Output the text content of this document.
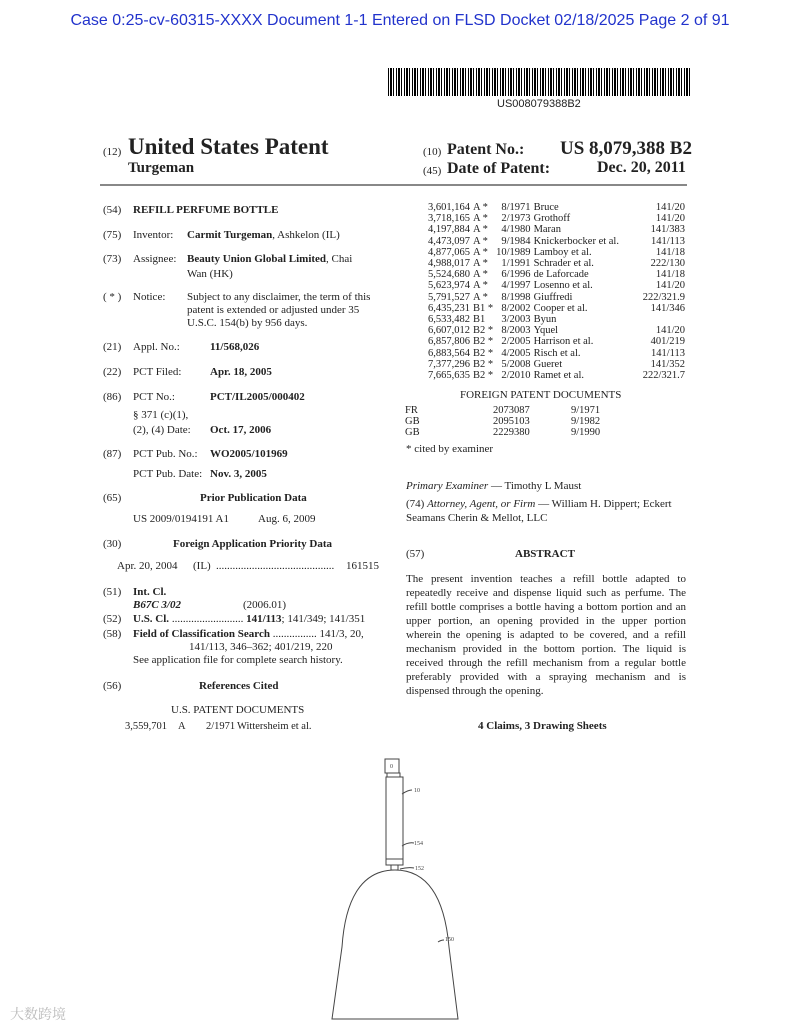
Case 0:25-cv-60315-XXXX Document 1-1 Entered on FLSD Docket 02/18/2025 Page 2 of 91
US008079388B2
(12) United States Patent
Turgeman
(10) Patent No.: US 8,079,388 B2
(45) Date of Patent:	Dec. 20, 2011
(54) REFILL PERFUME BOTTLE
(75) Inventor: Carmit Turgeman, Ashkelon (IL)
(73) Assignee: Beauty Union Global Limited, Chai
Wan (HK)
( * ) Notice: Subject to any disclaimer, the term of this
patent is extended or adjusted under 35
U.S.C. 154(b) by 956 days.
(21) Appl. No.:	11/568,026
(22) PCT Filed:	Apr. 18, 2005
(86) PCT No.:	PCT/IL2005/000402
§ 371 (c)(1),
(2), (4) Date: Oct. 17, 2006
(87) PCT Pub. No.: WO2005/101969
PCT Pub. Date: Nov. 3, 2005
(65)	Prior Publication Data
US 2009/0194191 A1	Aug. 6, 2009
(30)	Foreign Application Priority Data
Apr. 20, 2004 (IL) ........................................... 161515
(51) Int. Cl.
B67C 3/02	(2006.01)
(52) U.S. Cl. .......................... 141/113; 141/349; 141/351
(58) Field of Classification Search ................ 141/3, 20,
141/113, 346–362; 401/219, 220
See application file for complete search history.
(56)	References Cited
U.S. PATENT DOCUMENTS
3,559,701 A 2/1971 Wittersheim et al.
3,601,164	A *	8/1971	Bruce	141/20
3,718,165	A *	2/1973	Grothoff	141/20
4,197,884	A *	4/1980	Maran	141/383
4,473,097	A *	9/1984	Knickerbocker et al.	141/113
4,877,065	A *	10/1989	Lamboy et al.	141/18
4,988,017	A *	1/1991	Schrader et al.	222/130
5,524,680	A *	6/1996	de Laforcade	141/18
5,623,974	A *	4/1997	Losenno et al.	141/20
5,791,527	A *	8/1998	Giuffredi	222/321.9
6,435,231	B1 *	8/2002	Cooper et al.	141/346
6,533,482	B1	3/2003	Byun	
6,607,012	B2 *	8/2003	Yquel	141/20
6,857,806	B2 *	2/2005	Harrison et al.	401/219
6,883,564	B2 *	4/2005	Risch et al.	141/113
7,377,296	B2 *	5/2008	Gueret	141/352
7,665,635	B2 *	2/2010	Ramet et al.	222/321.7
FOREIGN PATENT DOCUMENTS
FR	2073087	9/1971
GB	2095103	9/1982
GB	2229380	9/1990
* cited by examiner
Primary Examiner — Timothy L Maust
(74) Attorney, Agent, or Firm — William H. Dippert; Eckert
Seamans Cherin & Mellot, LLC
(57)	ABSTRACT
The present invention teaches a refill bottle adapted to repeatedly receive and dispense liquid such as perfume. The refill bottle comprises a bottle having a bottom portion and an upper portion, an opening provided in the upper portion wherein the opening is adapted to be covered, and a refill mechanism provided in the bottom portion. The liquid is received through the refill mechanism from a regular bottle preferably provided with a spraying mechanism and is dispensed through the opening.
4 Claims, 3 Drawing Sheets
0
10
154
152
150
大数跨境
